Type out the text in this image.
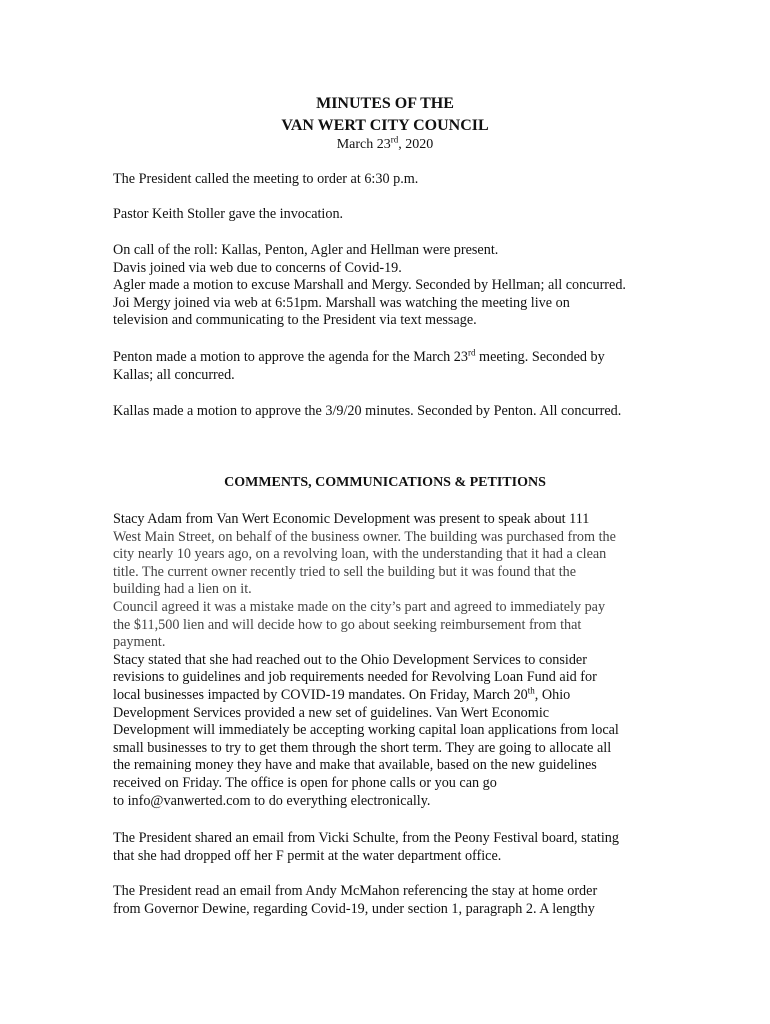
MINUTES OF THE
VAN WERT CITY COUNCIL
March 23rd, 2020
The President called the meeting to order at 6:30 p.m.
Pastor Keith Stoller gave the invocation.
On call of the roll: Kallas, Penton, Agler and Hellman were present.
Davis joined via web due to concerns of Covid-19.
Agler made a motion to excuse Marshall and Mergy. Seconded by Hellman; all concurred.
Joi Mergy joined via web at 6:51pm. Marshall was watching the meeting live on
television and communicating to the President via text message.
Penton made a motion to approve the agenda for the March 23rd meeting. Seconded by
Kallas; all concurred.
Kallas made a motion to approve the 3/9/20 minutes. Seconded by Penton. All concurred.
COMMENTS, COMMUNICATIONS & PETITIONS
Stacy Adam from Van Wert Economic Development was present to speak about 111
West Main Street, on behalf of the business owner. The building was purchased from the
city nearly 10 years ago, on a revolving loan, with the understanding that it had a clean
title. The current owner recently tried to sell the building but it was found that the
building had a lien on it.
Council agreed it was a mistake made on the city’s part and agreed to immediately pay
the $11,500 lien and will decide how to go about seeking reimbursement from that
payment.
Stacy stated that she had reached out to the Ohio Development Services to consider
revisions to guidelines and job requirements needed for Revolving Loan Fund aid for
local businesses impacted by COVID-19 mandates. On Friday, March 20th, Ohio
Development Services provided a new set of guidelines. Van Wert Economic
Development will immediately be accepting working capital loan applications from local
small businesses to try to get them through the short term. They are going to allocate all
the remaining money they have and make that available, based on the new guidelines
received on Friday. The office is open for phone calls or you can go
to info@vanwerted.com to do everything electronically.
The President shared an email from Vicki Schulte, from the Peony Festival board, stating
that she had dropped off her F permit at the water department office.
The President read an email from Andy McMahon referencing the stay at home order
from Governor Dewine, regarding Covid-19, under section 1, paragraph 2. A lengthy
